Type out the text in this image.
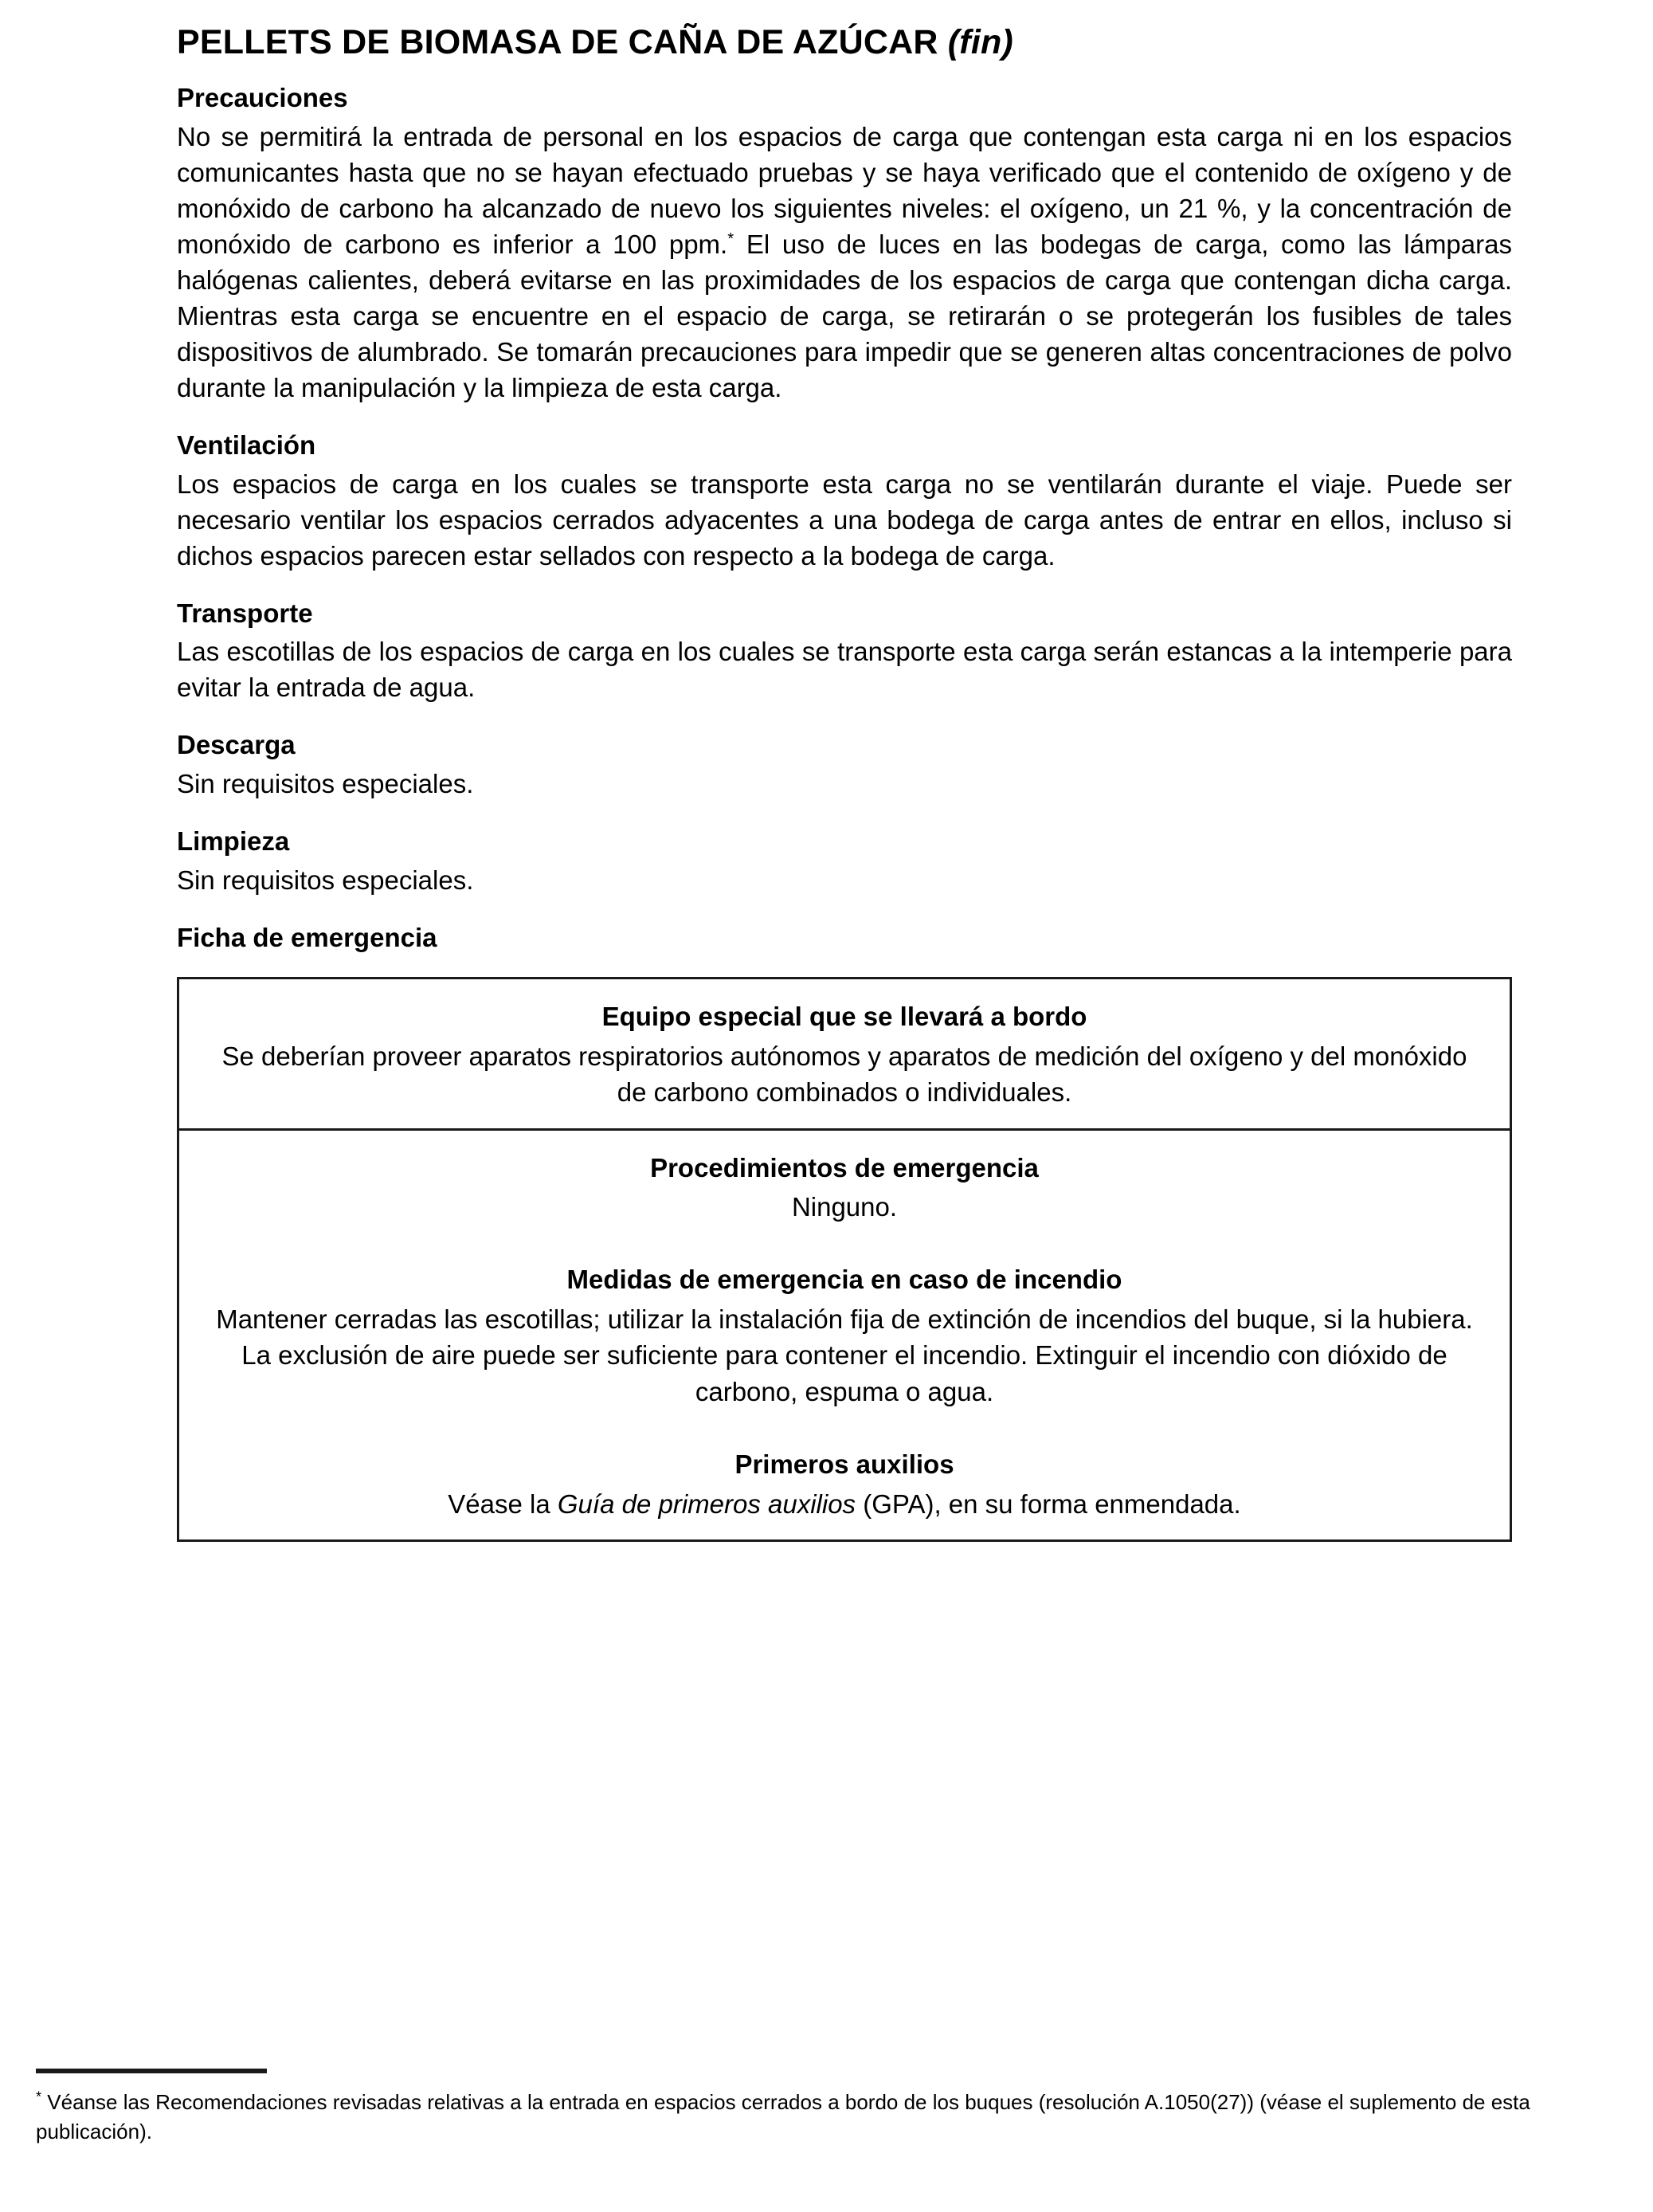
PELLETS DE BIOMASA DE CAÑA DE AZÚCAR (fin)
Precauciones

No se permitirá la entrada de personal en los espacios de carga que contengan esta carga ni en los espacios comunicantes hasta que no se hayan efectuado pruebas y se haya verificado que el contenido de oxígeno y de monóxido de carbono ha alcanzado de nuevo los siguientes niveles: el oxígeno, un 21 %, y la concentración de monóxido de carbono es inferior a 100 ppm.* El uso de luces en las bodegas de carga, como las lámparas halógenas calientes, deberá evitarse en las proximidades de los espacios de carga que contengan dicha carga. Mientras esta carga se encuentre en el espacio de carga, se retirarán o se protegerán los fusibles de tales dispositivos de alumbrado. Se tomarán precauciones para impedir que se generen altas concentraciones de polvo durante la manipulación y la limpieza de esta carga.

Ventilación

Los espacios de carga en los cuales se transporte esta carga no se ventilarán durante el viaje. Puede ser necesario ventilar los espacios cerrados adyacentes a una bodega de carga antes de entrar en ellos, incluso si dichos espacios parecen estar sellados con respecto a la bodega de carga.

Transporte

Las escotillas de los espacios de carga en los cuales se transporte esta carga serán estancas a la intemperie para evitar la entrada de agua.

Descarga

Sin requisitos especiales.

Limpieza

Sin requisitos especiales.

Ficha de emergencia
Equipo especial que se llevará a bordo

Se deberían proveer aparatos respiratorios autónomos y aparatos de medición del oxígeno y del monóxido de carbono combinados o individuales.

Procedimientos de emergencia

Ninguno.

Medidas de emergencia en caso de incendio

Mantener cerradas las escotillas; utilizar la instalación fija de extinción de incendios del buque, si la hubiera. La exclusión de aire puede ser suficiente para contener el incendio. Extinguir el incendio con dióxido de carbono, espuma o agua.

Primeros auxilios

Véase la Guía de primeros auxilios (GPA), en su forma enmendada.

* Véanse las Recomendaciones revisadas relativas a la entrada en espacios cerrados a bordo de los buques (resolución A.1050(27)) (véase el suplemento de esta publicación).
